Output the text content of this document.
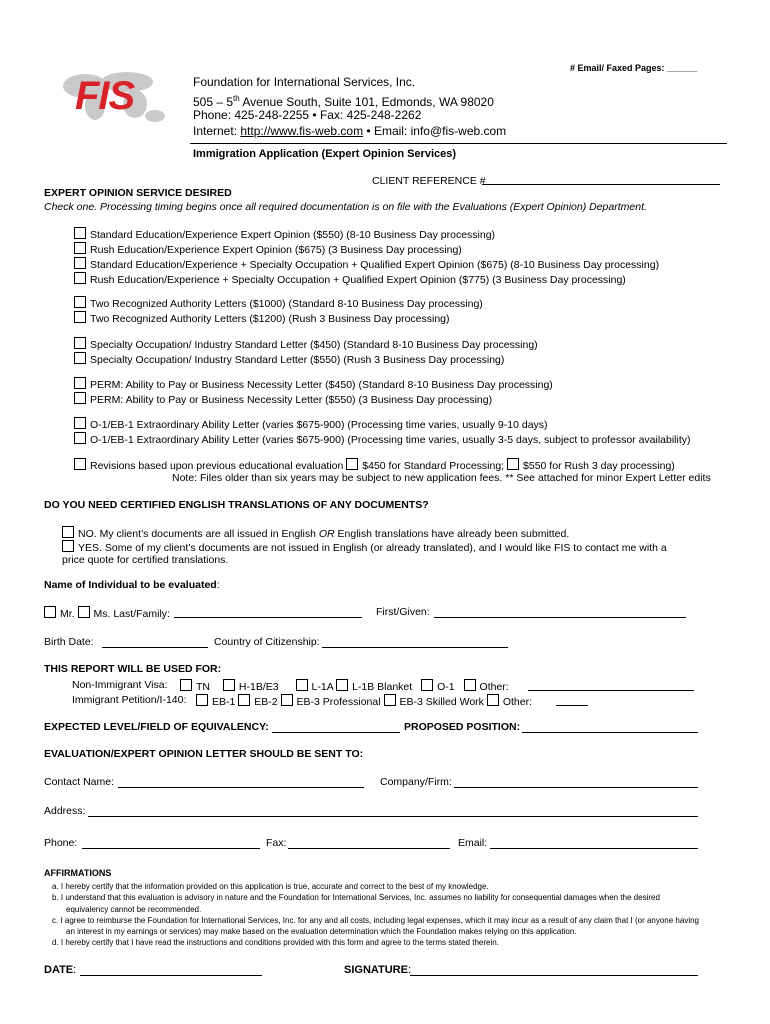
# Email/ Faxed Pages: ______
FIS	Foundation for International Services, Inc.
505 – 5th Avenue South, Suite 101, Edmonds, WA 98020
Phone: 425-248-2255 • Fax: 425-248-2262
Internet: http://www.fis-web.com • Email: info@fis-web.com
Immigration Application (Expert Opinion Services)
CLIENT REFERENCE #
EXPERT OPINION SERVICE DESIRED
Check one. Processing timing begins once all required documentation is on file with the Evaluations (Expert Opinion) Department.
Standard Education/Experience Expert Opinion ($550) (8-10 Business Day processing)
Rush Education/Experience Expert Opinion ($675) (3 Business Day processing)
Standard Education/Experience + Specialty Occupation + Qualified Expert Opinion ($675) (8-10 Business Day processing)
Rush Education/Experience + Specialty Occupation + Qualified Expert Opinion ($775) (3 Business Day processing)
Two Recognized Authority Letters ($1000) (Standard 8-10 Business Day processing)
Two Recognized Authority Letters ($1200) (Rush 3 Business Day processing)
Specialty Occupation/ Industry Standard Letter ($450) (Standard 8-10 Business Day processing)
Specialty Occupation/ Industry Standard Letter ($550) (Rush 3 Business Day processing)
PERM: Ability to Pay or Business Necessity Letter ($450) (Standard 8-10 Business Day processing)
PERM: Ability to Pay or Business Necessity Letter ($550) (3 Business Day processing)
O-1/EB-1 Extraordinary Ability Letter (varies $675-900) (Processing time varies, usually 9-10 days)
O-1/EB-1 Extraordinary Ability Letter (varies $675-900) (Processing time varies, usually 3-5 days, subject to professor availability)
Revisions based upon previous educational evaluation $450 for Standard Processing; $550 for Rush 3 day processing)
Note: Files older than six years may be subject to new application fees. ** See attached for minor Expert Letter edits
DO YOU NEED CERTIFIED ENGLISH TRANSLATIONS OF ANY DOCUMENTS?
NO. My client’s documents are all issued in English OR English translations have already been submitted.
YES. Some of my client’s documents are not issued in English (or already translated), and I would like FIS to contact me with a
price quote for certified translations.
Name of Individual to be evaluated:
Mr. Ms. Last/Family:	First/Given:
Birth Date:	Country of Citizenship:
THIS REPORT WILL BE USED FOR:
Non-Immigrant Visa:	TN	H-1B/E3	L-1A L-1B Blanket O-1 Other:
Immigrant Petition/I-140:	EB-1 EB-2 EB-3 Professional EB-3 Skilled Work Other:
EXPECTED LEVEL/FIELD OF EQUIVALENCY:	PROPOSED POSITION:
EVALUATION/EXPERT OPINION LETTER SHOULD BE SENT TO:
Contact Name:	Company/Firm:
Address:
Phone:	Fax:	Email:
AFFIRMATIONS
a. I hereby certify that the information provided on this application is true, accurate and correct to the best of my knowledge.
b. I understand that this evaluation is advisory in nature and the Foundation for International Services, Inc. assumes no liability for consequential damages when the desired
equivalency cannot be recommended.
c. I agree to reimburse the Foundation for International Services, Inc. for any and all costs, including legal expenses, which it may incur as a result of any claim that I (or anyone having
an interest in my earnings or services) may make based on the evaluation determination which the Foundation makes relying on this application.
d. I hereby certify that I have read the instructions and conditions provided with this form and agree to the terms stated therein.
DATE:	SIGNATURE:
